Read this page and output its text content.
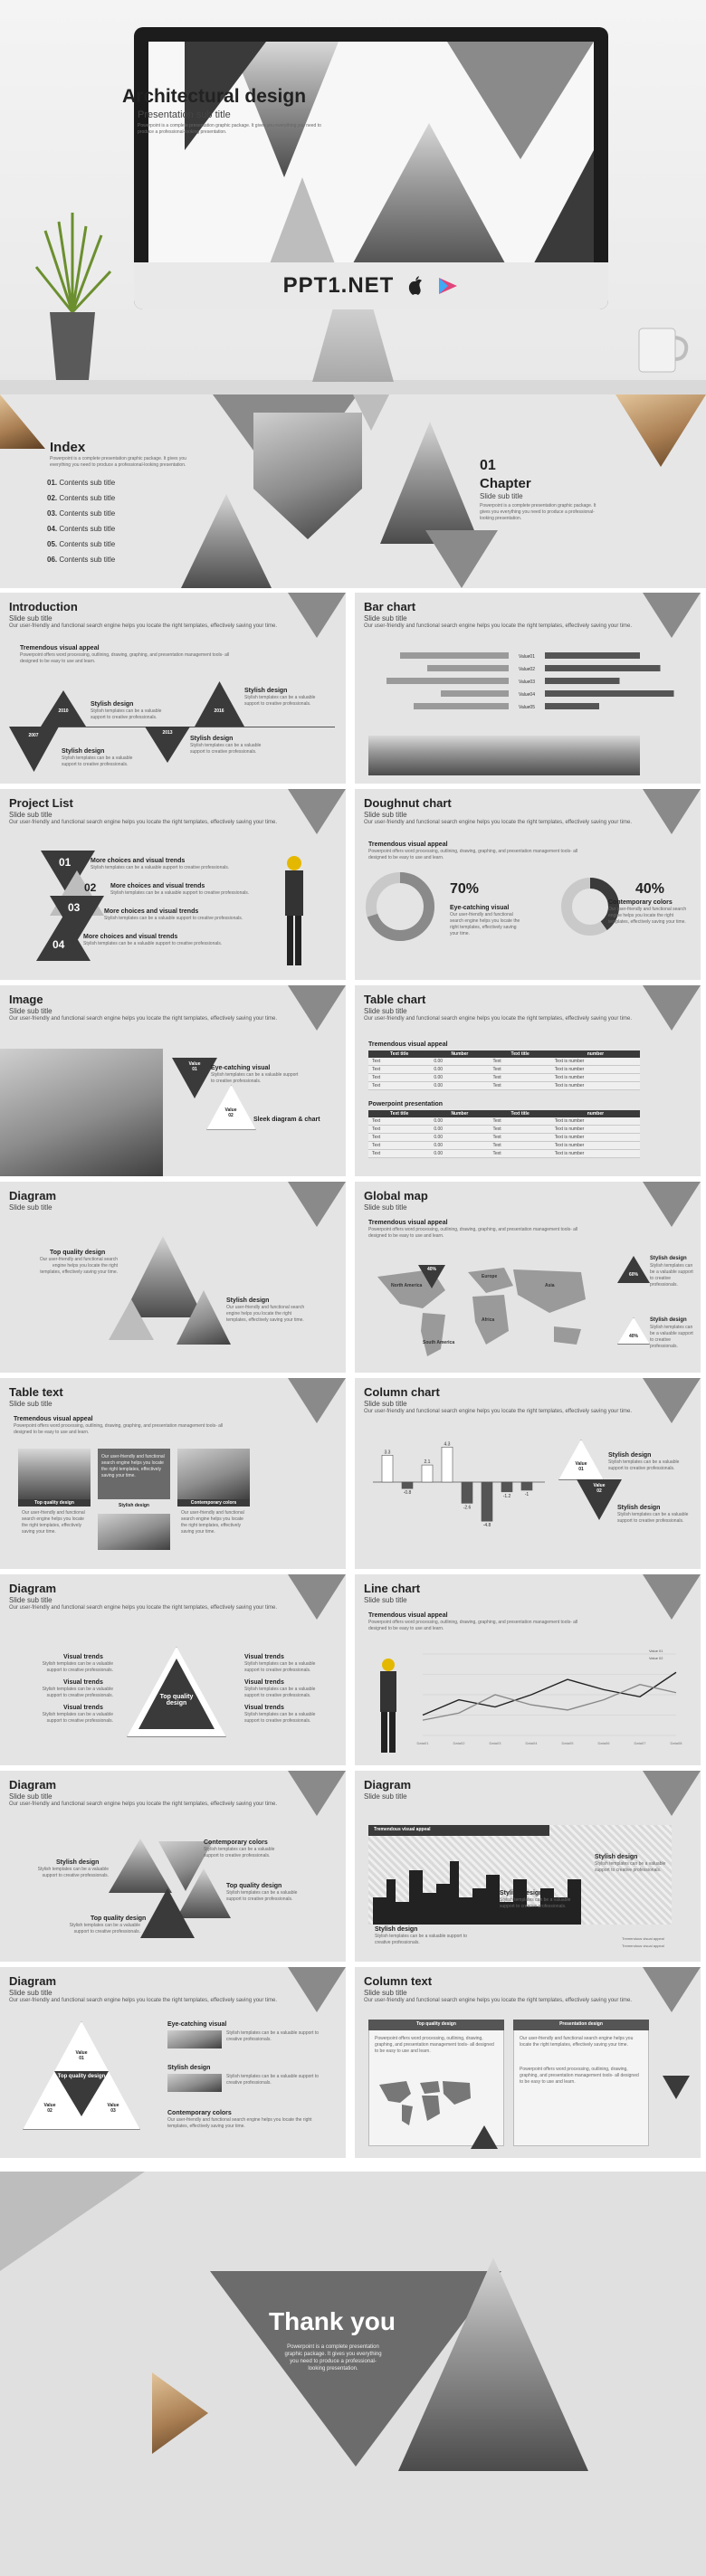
Architectural design
Presentation sub title
Powerpoint is a complete presentation graphic package. It gives you everything you need to produce a professional-looking presentation.
PPT1.NET
Index
Powerpoint is a complete presentation graphic package. It gives you everything you need to produce a professional-looking presentation.
01. Contents sub title
02. Contents sub title
03. Contents sub title
04. Contents sub title
05. Contents sub title
06. Contents sub title
01
Chapter
Slide sub title
Powerpoint is a complete presentation graphic package. It gives you everything you need to produce a professional-looking presentation.
Introduction
Slide sub title
Our user-friendly and functional search engine helps you locate the right templates, effectively saving your time.
Tremendous visual appeal
Powerpoint offers word processing, outlining, drawing, graphing, and presentation management tools- all designed to be easy to use and learn.
2010
Stylish design
Stylish templates can be a valuable support to creative professionals.
2016
Stylish design
Stylish templates can be a valuable support to creative professionals.
2013
Stylish design
Stylish templates can be a valuable support to creative professionals.
2007
Stylish design
Stylish templates can be a valuable support to creative professionals.
Bar chart
Slide sub title
Our user-friendly and functional search engine helps you locate the right templates, effectively saving your time.
Value01
Value02
Value03
Value04
Value05
Project List
Slide sub title
Our user-friendly and functional search engine helps you locate the right templates, effectively saving your time.
01	More choices and visual trends
Stylish templates can be a valuable support to creative professionals.
02 More choices and visual trends
Stylish templates can be a valuable support to creative professionals.
03	More choices and visual trends
Stylish templates can be a valuable support to creative professionals.
04
More choices and visual trends
Stylish templates can be a valuable support to creative professionals.
Doughnut chart
Slide sub title
Our user-friendly and functional search engine helps you locate the right templates, effectively saving your time.
Tremendous visual appeal
Powerpoint offers word processing, outlining, drawing, graphing, and presentation management tools- all designed to be easy to use and learn.
70%	40%
Eye-catching visual
Our user-friendly and functional search engine helps you locate the right templates, effectively saving your time.
Contemporary colors
Our user-friendly and functional search engine helps you locate the right templates, effectively saving your time.
Image
Slide sub title
Our user-friendly and functional search engine helps you locate the right templates, effectively saving your time.
Value
01	Eye-catching visual
Stylish templates can be a valuable support to creative professionals.
Value
02
Sleek diagram & chart
Table chart
Slide sub title
Our user-friendly and functional search engine helps you locate the right templates, effectively saving your time.
Tremendous visual appeal
Text title	Number	Text title	number
Text	0.00	Text	Text is number
Text	0.00	Text	Text is number
Text	0.00	Text	Text is number
Text	0.00	Text	Text is number
Powerpoint presentation
Text title	Number	Text title	number
Text	0.00	Text	Text is number
Text	0.00	Text	Text is number
Text	0.00	Text	Text is number
Text	0.00	Text	Text is number
Text	0.00	Text	Text is number
Diagram
Slide sub title
Top quality design
Our user-friendly and functional search engine helps you locate the right templates, effectively saving your time.
Stylish design
Our user-friendly and functional search engine helps you locate the right templates, effectively saving your time.
Global map
Slide sub title
Tremendous visual appeal
Powerpoint offers word processing, outlining, drawing, graphing, and presentation management tools- all designed to be easy to use and learn.
North America
Europe
Asia
South America
Africa
40%
60%
40%
Stylish design
Stylish templates can be a valuable support to creative professionals.
Stylish design
Stylish templates can be a valuable support to creative professionals.
Table text
Slide sub title
Tremendous visual appeal
Powerpoint offers word processing, outlining, drawing, graphing, and presentation management tools- all designed to be easy to use and learn.
Top quality design
Our user-friendly and functional search engine helps you locate the right templates, effectively saving your time.
Our user-friendly and functional search engine helps you locate the right templates, effectively saving your time.
Stylish design	Contemporary colors
Our user-friendly and functional search engine helps you locate the right templates, effectively saving your time.
Column chart
Slide sub title
Our user-friendly and functional search engine helps you locate the right templates, effectively saving your time.
3.3
-0.8
2.1
4.3
-2.6
-4.8
-1.2	-1
Value
01
Stylish design
Stylish templates can be a valuable support to creative professionals.
Value
02
Stylish design
Stylish templates can be a valuable support to creative professionals.
Diagram
Slide sub title
Our user-friendly and functional search engine helps you locate the right templates, effectively saving your time.
Top quality design
Visual trends
Stylish templates can be a valuable support to creative professionals.
Visual trends
Stylish templates can be a valuable support to creative professionals.
Visual trends
Stylish templates can be a valuable support to creative professionals.
Visual trends
Stylish templates can be a valuable support to creative professionals.
Visual trends
Stylish templates can be a valuable support to creative professionals.
Visual trends
Stylish templates can be a valuable support to creative professionals.
Line chart
Slide sub title
Tremendous visual appeal
Powerpoint offers word processing, outlining, drawing, graphing, and presentation management tools- all designed to be easy to use and learn.
Data01	Data02	Data03	Data04	Data05	Data06	Data07	Data08
Value 01
Value 02
Diagram
Slide sub title
Our user-friendly and functional search engine helps you locate the right templates, effectively saving your time.
Stylish design
Stylish templates can be a valuable support to creative professionals.
Contemporary colors
Stylish templates can be a valuable support to creative professionals.
Top quality design
Stylish templates can be a valuable support to creative professionals.
Top quality design
Stylish templates can be a valuable support to creative professionals.
Diagram
Slide sub title
Tremendous visual appeal
Stylish design
Stylish templates can be a valuable support to creative professionals.
Stylish design
Stylish templates can be a valuable support to creative professionals.
Stylish design
Stylish templates can be a valuable support to creative professionals.
Tremendous visual appeal
Tremendous visual appeal
Diagram
Slide sub title
Our user-friendly and functional search engine helps you locate the right templates, effectively saving your time.
Top quality design
Value
01
Value
02
Value
03
Eye-catching visual
Stylish templates can be a valuable support to creative professionals.
Stylish design
Stylish templates can be a valuable support to creative professionals.
Contemporary colors
Our user-friendly and functional search engine helps you locate the right templates, effectively saving your time.
Column text
Slide sub title
Our user-friendly and functional search engine helps you locate the right templates, effectively saving your time.
Top quality design
Powerpoint offers word processing, outlining, drawing, graphing, and presentation management tools- all designed to be easy to use and learn.
Presentation design
Our user-friendly and functional search engine helps you locate the right templates, effectively saving your time.
Powerpoint offers word processing, outlining, drawing, graphing, and presentation management tools- all designed to be easy to use and learn.
Thank you
Powerpoint is a complete presentation graphic package. It gives you everything you need to produce a professional-looking presentation.
